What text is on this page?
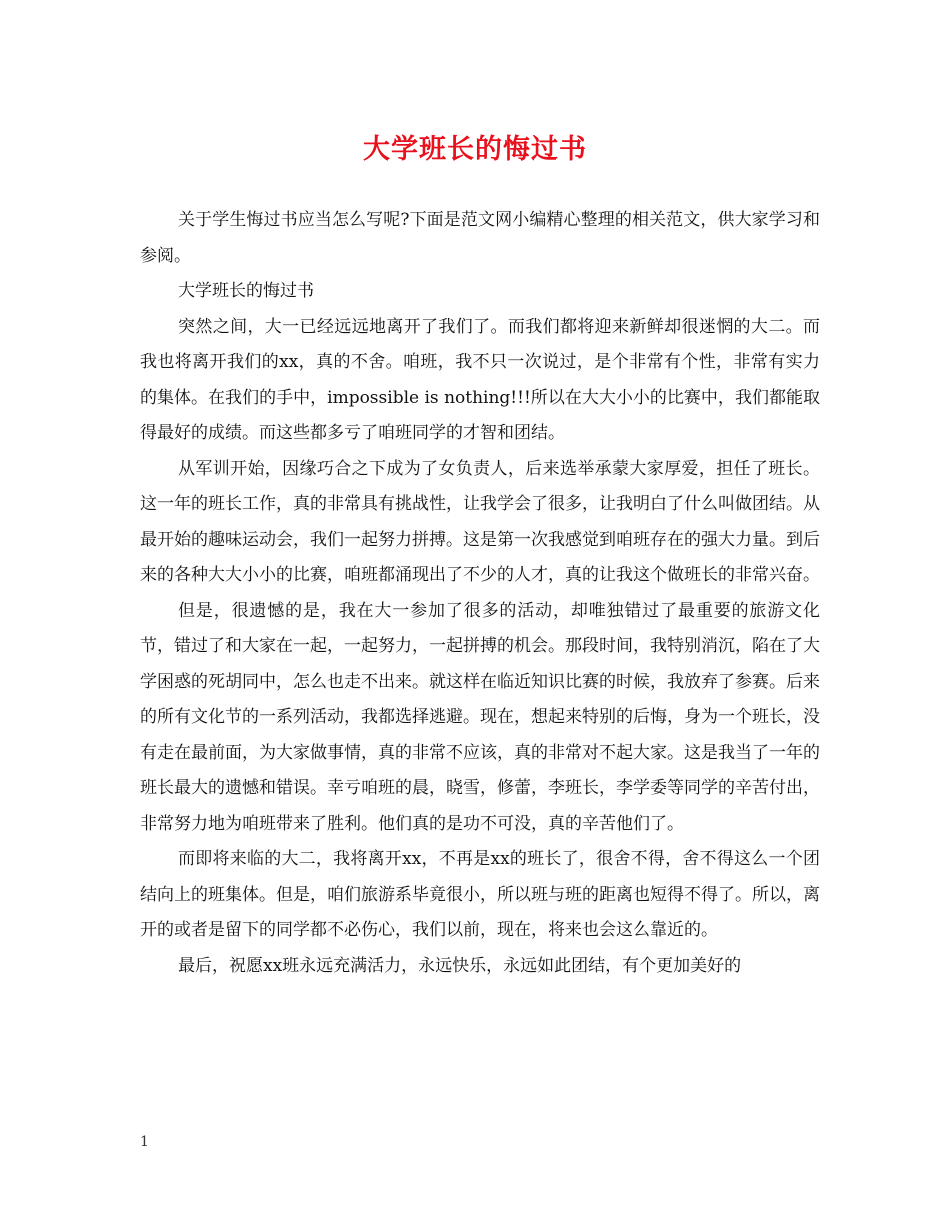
大学班长的悔过书

关于学生悔过书应当怎么写呢?下面是范文网小编精心整理的相关范文，供大家学习和参阅。

大学班长的悔过书

突然之间，大一已经远远地离开了我们了。而我们都将迎来新鲜却很迷惘的大二。而我也将离开我们的xx，真的不舍。咱班，我不只一次说过，是个非常有个性，非常有实力的集体。在我们的手中，impossible is nothing!!!所以在大大小小的比赛中，我们都能取得最好的成绩。而这些都多亏了咱班同学的才智和团结。

从军训开始，因缘巧合之下成为了女负责人，后来选举承蒙大家厚爱，担任了班长。这一年的班长工作，真的非常具有挑战性，让我学会了很多，让我明白了什么叫做团结。从最开始的趣味运动会，我们一起努力拼搏。这是第一次我感觉到咱班存在的强大力量。到后来的各种大大小小的比赛，咱班都涌现出了不少的人才，真的让我这个做班长的非常兴奋。

但是，很遗憾的是，我在大一参加了很多的活动，却唯独错过了最重要的旅游文化节，错过了和大家在一起，一起努力，一起拼搏的机会。那段时间，我特别消沉，陷在了大学困惑的死胡同中，怎么也走不出来。就这样在临近知识比赛的时候，我放弃了参赛。后来的所有文化节的一系列活动，我都选择逃避。现在，想起来特别的后悔，身为一个班长，没有走在最前面，为大家做事情，真的非常不应该，真的非常对不起大家。这是我当了一年的班长最大的遗憾和错误。幸亏咱班的晨，晓雪，修蕾，李班长，李学委等同学的辛苦付出，非常努力地为咱班带来了胜利。他们真的是功不可没，真的辛苦他们了。

而即将来临的大二，我将离开xx，不再是xx的班长了，很舍不得，舍不得这么一个团结向上的班集体。但是，咱们旅游系毕竟很小，所以班与班的距离也短得不得了。所以，离开的或者是留下的同学都不必伤心，我们以前，现在，将来也会这么靠近的。

最后，祝愿xx班永远充满活力，永远快乐，永远如此团结，有个更加美好的

1
